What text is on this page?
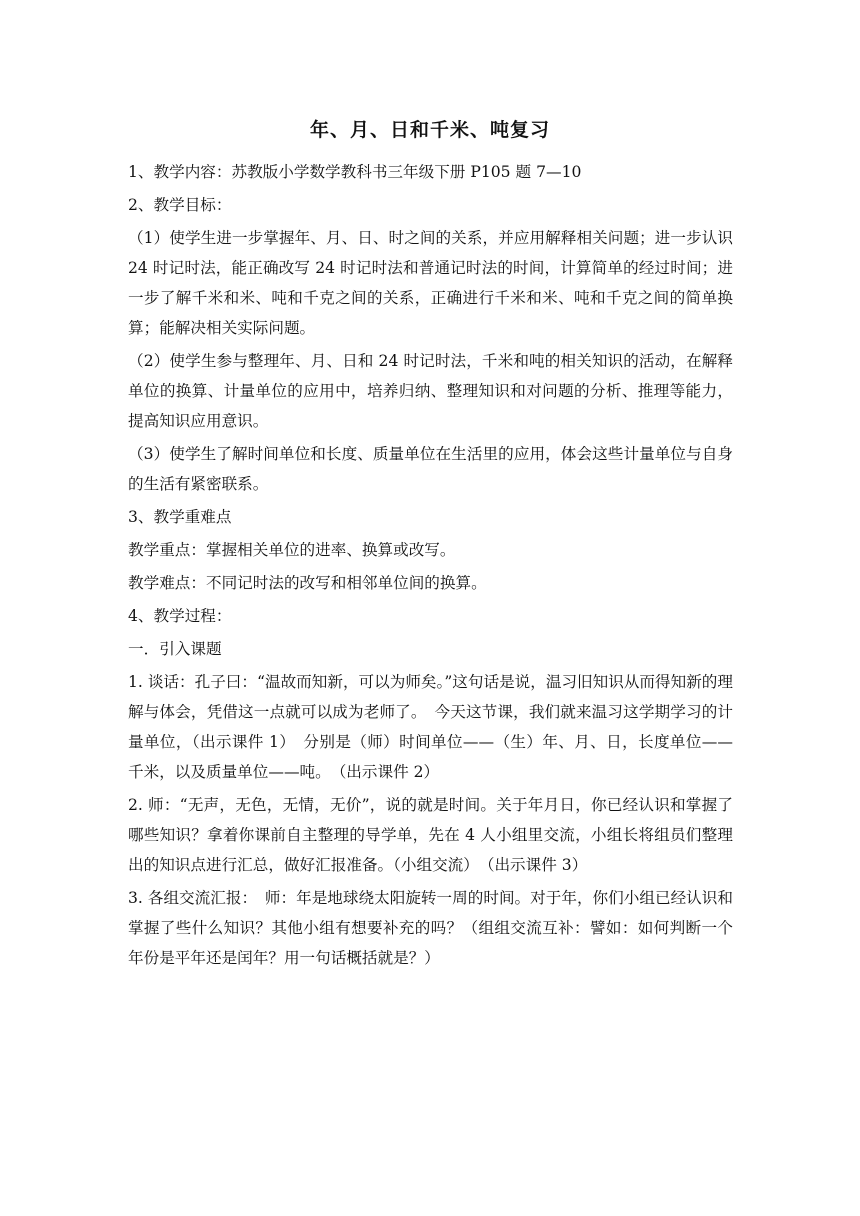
年、月、日和千米、吨复习

1、教学内容：苏教版小学数学教科书三年级下册 P105 题 7—10

2、教学目标：

（1）使学生进一步掌握年、月、日、时之间的关系，并应用解释相关问题；进一步认识 24 时记时法，能正确改写 24 时记时法和普通记时法的时间，计算简单的经过时间；进一步了解千米和米、吨和千克之间的关系，正确进行千米和米、吨和千克之间的简单换算；能解决相关实际问题。

（2）使学生参与整理年、月、日和 24 时记时法，千米和吨的相关知识的活动，在解释单位的换算、计量单位的应用中，培养归纳、整理知识和对问题的分析、推理等能力，提高知识应用意识。

（3）使学生了解时间单位和长度、质量单位在生活里的应用，体会这些计量单位与自身的生活有紧密联系。

3、教学重难点

教学重点：掌握相关单位的进率、换算或改写。

教学难点：不同记时法的改写和相邻单位间的换算。

4、教学过程：

一．引入课题

1. 谈话：孔子曰：“温故而知新，可以为师矣。”这句话是说，温习旧知识从而得知新的理解与体会，凭借这一点就可以成为老师了。　今天这节课，我们就来温习这学期学习的计量单位，（出示课件 1）　分别是（师）时间单位——（生）年、月、日，长度单位——千米，以及质量单位——吨。　（出示课件 2）

2. 师：“无声，无色，无情，无价”，说的就是时间。关于年月日，你已经认识和掌握了哪些知识？拿着你课前自主整理的导学单，先在 4 人小组里交流，小组长将组员们整理出的知识点进行汇总，做好汇报准备。（小组交流）　（出示课件 3）

3. 各组交流汇报：　师：年是地球绕太阳旋转一周的时间。对于年，你们小组已经认识和掌握了些什么知识？其他小组有想要补充的吗？（组组交流互补：譬如：如何判断一个年份是平年还是闰年？用一句话概括就是？）
